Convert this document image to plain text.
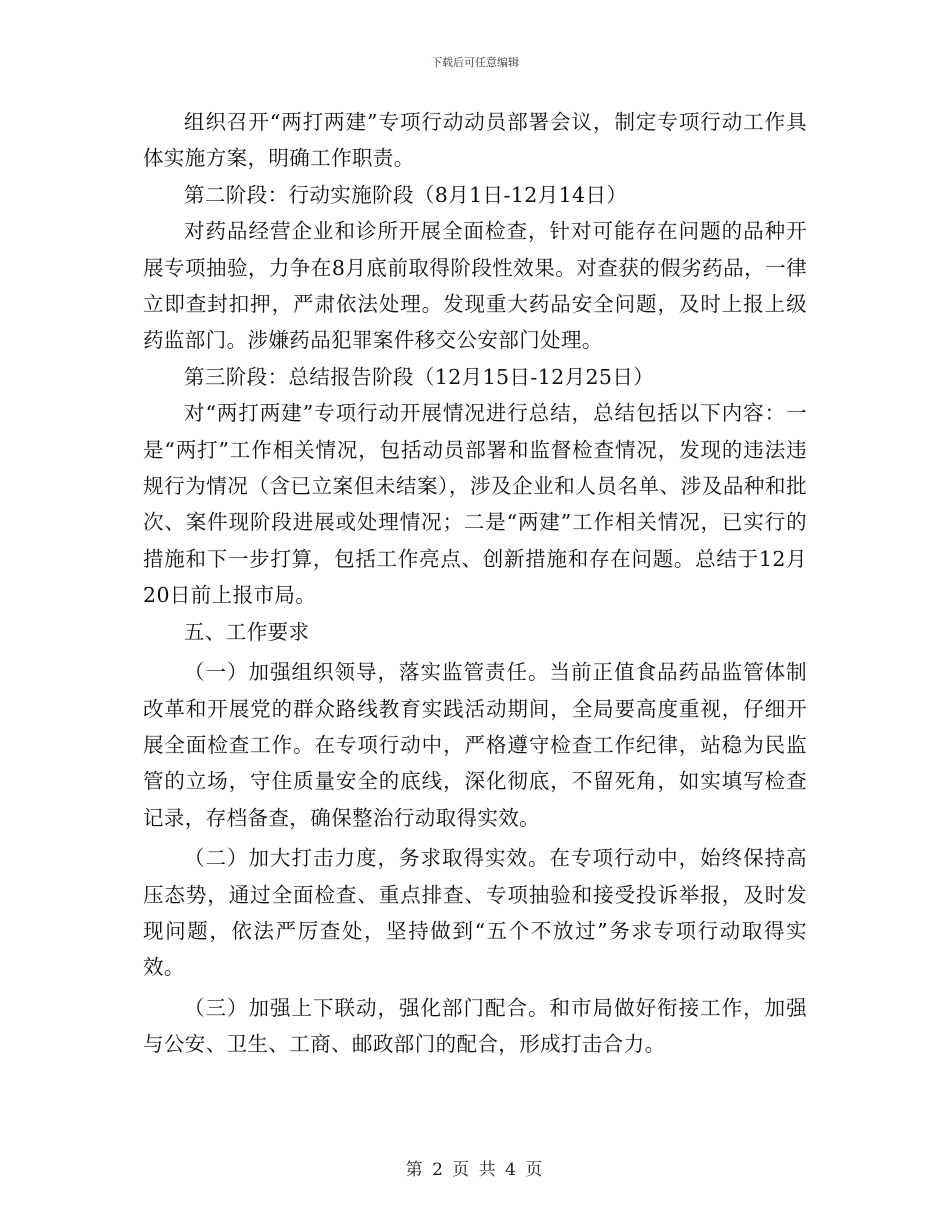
下载后可任意编辑

组织召开“两打两建”专项行动动员部署会议，制定专项行动工作具体实施方案，明确工作职责。

第二阶段：行动实施阶段（8月1日-12月14日）

对药品经营企业和诊所开展全面检查，针对可能存在问题的品种开展专项抽验，力争在8月底前取得阶段性效果。对查获的假劣药品，一律立即查封扣押，严肃依法处理。发现重大药品安全问题，及时上报上级药监部门。涉嫌药品犯罪案件移交公安部门处理。

第三阶段：总结报告阶段（12月15日-12月25日）

对“两打两建”专项行动开展情况进行总结，总结包括以下内容：一是“两打”工作相关情况，包括动员部署和监督检查情况，发现的违法违规行为情况（含已立案但未结案），涉及企业和人员名单、涉及品种和批次、案件现阶段进展或处理情况；二是“两建”工作相关情况，已实行的措施和下一步打算，包括工作亮点、创新措施和存在问题。总结于12月20日前上报市局。

五、工作要求

（一）加强组织领导，落实监管责任。当前正值食品药品监管体制改革和开展党的群众路线教育实践活动期间，全局要高度重视，仔细开展全面检查工作。在专项行动中，严格遵守检查工作纪律，站稳为民监管的立场，守住质量安全的底线，深化彻底，不留死角，如实填写检查记录，存档备查，确保整治行动取得实效。

（二）加大打击力度，务求取得实效。在专项行动中，始终保持高压态势，通过全面检查、重点排查、专项抽验和接受投诉举报，及时发现问题，依法严厉查处，坚持做到“五个不放过”务求专项行动取得实效。

（三）加强上下联动，强化部门配合。和市局做好衔接工作，加强与公安、卫生、工商、邮政部门的配合，形成打击合力。

第 2 页 共 4 页
